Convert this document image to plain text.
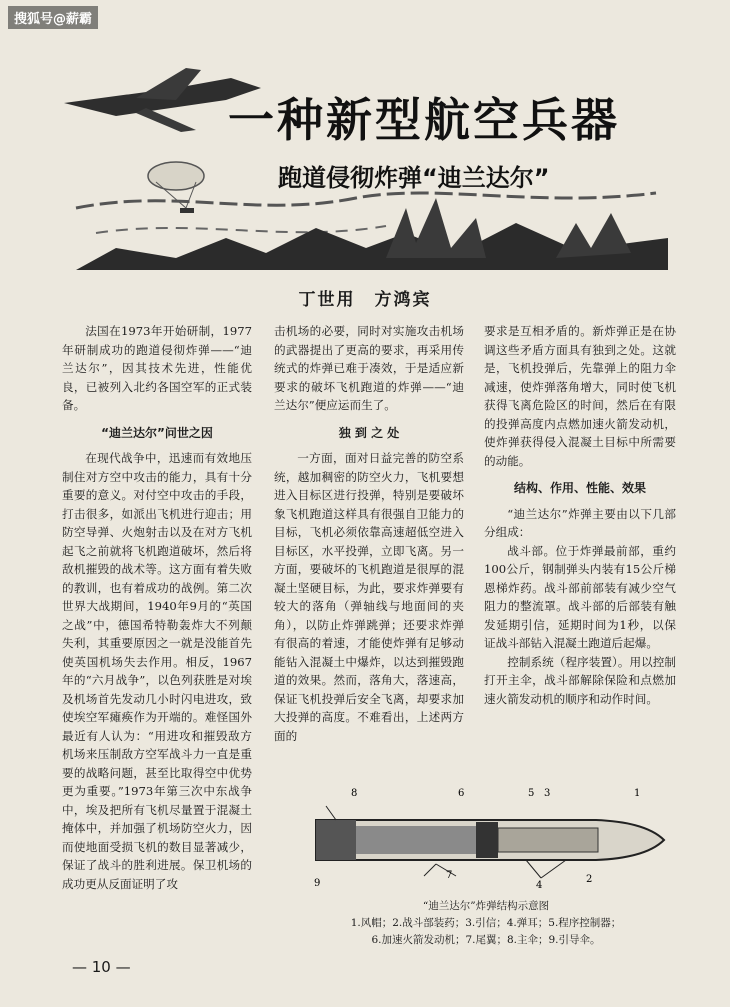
搜狐号@薪霸
一种新型航空兵器
跑道侵彻炸弹“迪兰达尔”
丁世用　方鸿宾

法国在1973年开始研制，1977年研制成功的跑道侵彻炸弹——“迪兰达尔”，因其技术先进，性能优良，已被列入北约各国空军的正式装备。

“迪兰达尔”问世之因

在现代战争中，迅速而有效地压制住对方空中攻击的能力，具有十分重要的意义。对付空中攻击的手段，打击很多，如派出飞机进行迎击；用防空导弹、火炮射击以及在对方飞机起飞之前就将飞机跑道破坏，然后将敌机摧毁的战术等。这方面有着失败的教训，也有着成功的战例。第二次世界大战期间，1940年9月的“英国之战”中，德国希特勒轰炸大不列颠失利，其重要原因之一就是没能首先使英国机场失去作用。相反，1967年的“六月战争”，以色列获胜是对埃及机场首先发动几小时闪电进攻，致使埃空军瘫痪作为开端的。难怪国外最近有人认为：“用进攻和摧毁敌方机场来压制敌方空军战斗力一直是重要的战略问题，甚至比取得空中优势更为重要。”1973年第三次中东战争中，埃及把所有飞机尽量置于混凝土掩体中，并加强了机场防空火力，因而使地面受损飞机的数目显著减少，保证了战斗的胜利进展。保卫机场的成功更从反面证明了攻

击机场的必要，同时对实施攻击机场的武器提出了更高的要求，再采用传统式的炸弹已难于凑效，于是适应新要求的破坏飞机跑道的炸弹——“迪兰达尔”便应运而生了。

独 到 之 处

一方面，面对日益完善的防空系统，越加稠密的防空火力，飞机要想进入目标区进行投弹，特别是要破坏象飞机跑道这样具有很强自卫能力的目标，飞机必须依靠高速超低空进入目标区，水平投弹，立即飞离。另一方面，要破坏的飞机跑道是很厚的混凝土坚硬目标，为此，要求炸弹要有较大的落角（弹轴线与地面间的夹角），以防止炸弹跳弹；还要求炸弹有很高的着速，才能使炸弹有足够动能钻入混凝土中爆炸，以达到摧毁跑道的效果。然而，落角大，落速高，保证飞机投弹后安全飞离，却要求加大投弹的高度。不难看出，上述两方面的

要求是互相矛盾的。新炸弹正是在协调这些矛盾方面具有独到之处。这就是，飞机投弹后，先靠弹上的阻力伞减速，使炸弹落角增大，同时使飞机获得飞离危险区的时间，然后在有限的投弹高度内点燃加速火箭发动机，使炸弹获得侵入混凝土目标中所需要的动能。

结构、作用、性能、效果

“迪兰达尔”炸弹主要由以下几部分组成：

战斗部。位于炸弹最前部，重约100公斤，钢制弹头内装有15公斤梯恩梯炸药。战斗部前部装有减少空气阻力的整流罩。战斗部的后部装有触发延期引信，延期时间为1秒，以保证战斗部钻入混凝土跑道后起爆。

控制系统（程序装置）。用以控制打开主伞，战斗部解除保险和点燃加速火箭发动机的顺序和动作时间。

8	6	5 3	1
2
4
7
9
“迪兰达尔”炸弹结构示意图
1.风帽；2.战斗部装药；3.引信；4.弹耳；5.程序控制器；
6.加速火箭发动机；7.尾翼；8.主伞；9.引导伞。
— 10 —
